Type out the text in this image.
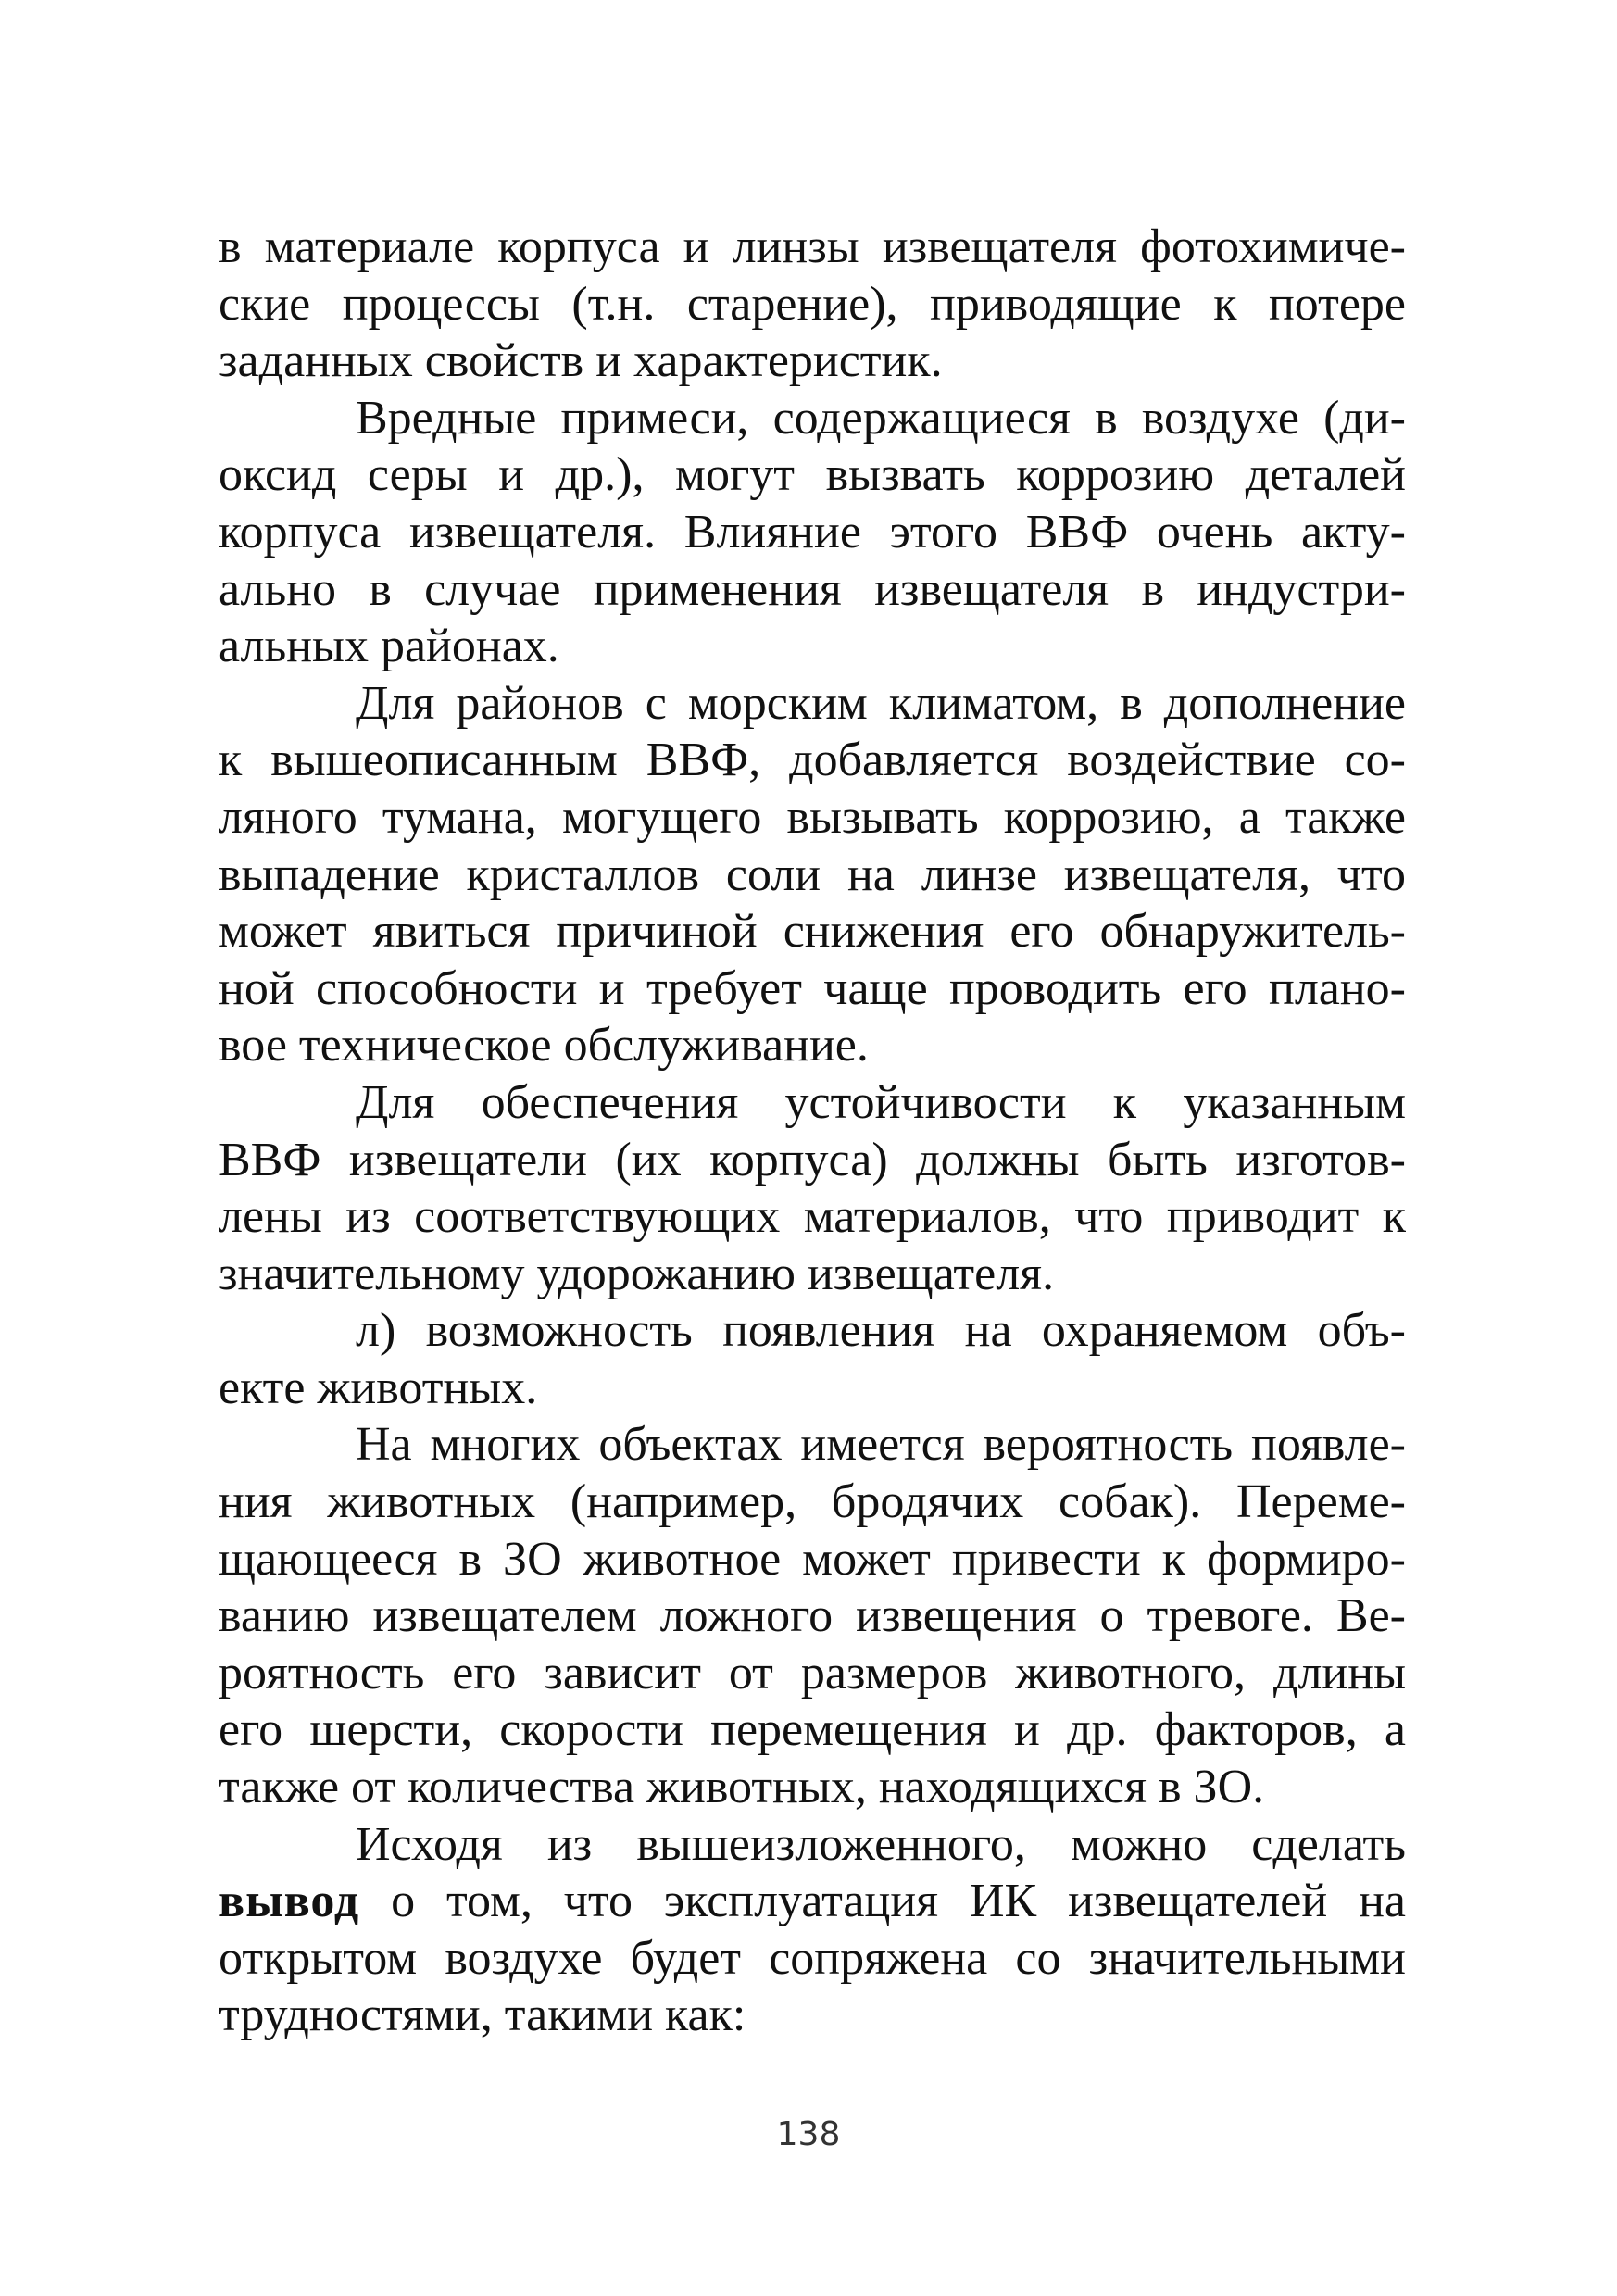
в материале корпуса и линзы извещателя фотохимиче-
ские процессы (т.н. старение), приводящие к потере
заданных свойств и характеристик.
Вредные примеси, содержащиеся в воздухе (ди-
оксид серы и др.), могут вызвать коррозию деталей
корпуса извещателя. Влияние этого ВВФ очень акту-
ально в случае применения извещателя в индустри-
альных районах.
Для районов с морским климатом, в дополнение
к вышеописанным ВВФ, добавляется воздействие со-
ляного тумана, могущего вызывать коррозию, а также
выпадение кристаллов соли на линзе извещателя, что
может явиться причиной снижения его обнаружитель-
ной способности и требует чаще проводить его плано-
вое техническое обслуживание.
Для обеспечения устойчивости к указанным
ВВФ извещатели (их корпуса) должны быть изготов-
лены из соответствующих материалов, что приводит к
значительному удорожанию извещателя.
л) возможность появления на охраняемом объ-
екте животных.
На многих объектах имеется вероятность появле-
ния животных (например, бродячих собак). Переме-
щающееся в ЗО животное может привести к формиро-
ванию извещателем ложного извещения о тревоге. Ве-
роятность его зависит от размеров животного, длины
его шерсти, скорости перемещения и др. факторов, а
также от количества животных, находящихся в ЗО.
Исходя из вышеизложенного, можно сделать
вывод о том, что эксплуатация ИК извещателей на
открытом воздухе будет сопряжена со значительными
трудностями, такими как:
138
